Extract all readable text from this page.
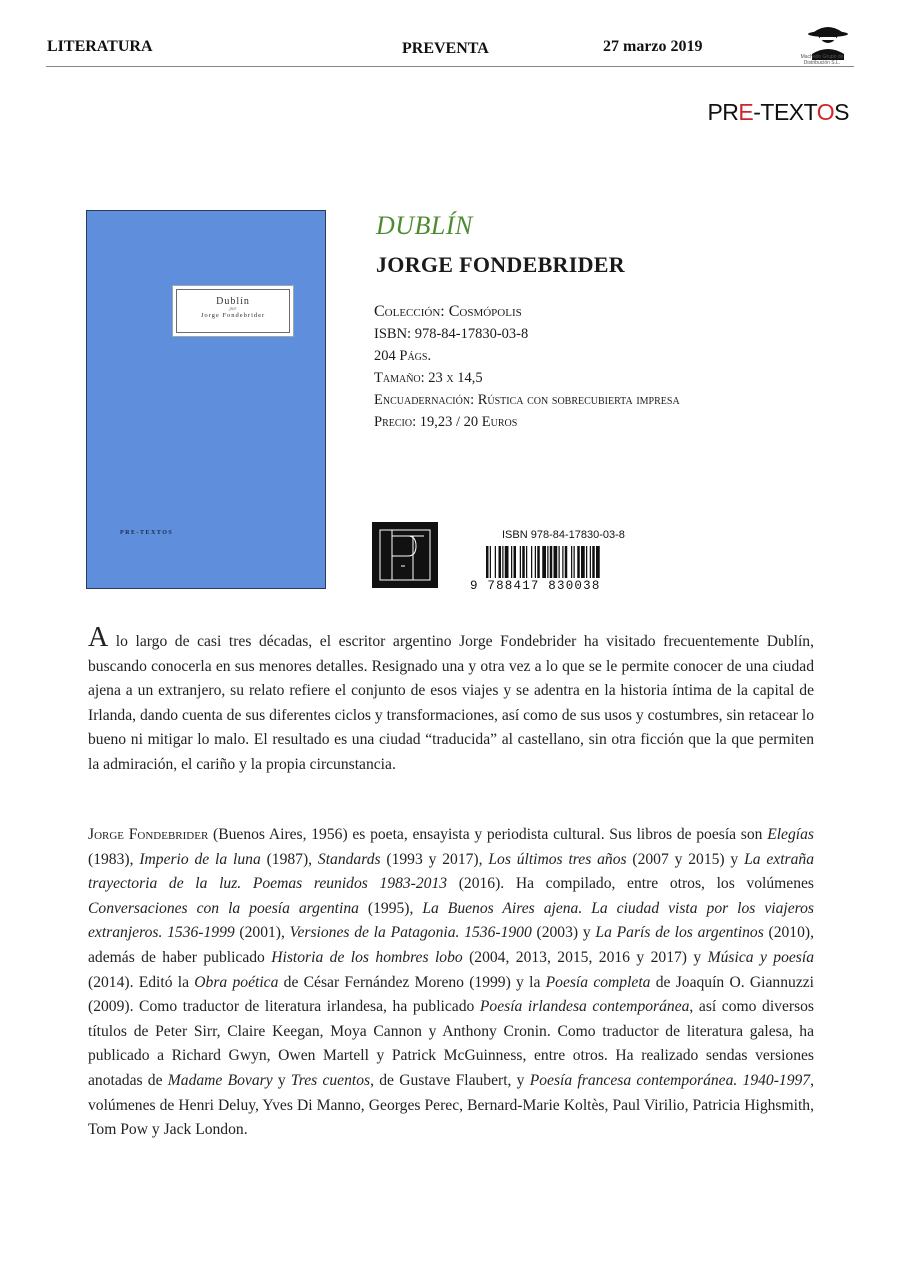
LITERATURA	PREVENTA	27 marzo 2019
Machado Grupo de Distribución S.L.
PRE-TEXTOS
Dublín
por
Jorge Fondebrider
PRE-TEXTOS
DUBLÍN
JORGE FONDEBRIDER
Colección: Cosmópolis
ISBN: 978-84-17830-03-8
204 Págs.
Tamaño: 23 x 14,5
Encuadernación: Rústica con sobrecubierta impresa
Precio: 19,23 / 20 Euros
ISBN 978-84-17830-03-8
9 788417 830038
A lo largo de casi tres décadas, el escritor argentino Jorge Fondebrider ha visitado frecuentemente Dublín, buscando conocerla en sus menores detalles. Resignado una y otra vez a lo que se le permite conocer de una ciudad ajena a un extranjero, su relato refiere el conjunto de esos viajes y se adentra en la historia íntima de la capital de Irlanda, dando cuenta de sus diferentes ciclos y transformaciones, así como de sus usos y costumbres, sin retacear lo bueno ni mitigar lo malo. El resultado es una ciudad “traducida” al castellano, sin otra ficción que la que permiten la admiración, el cariño y la propia circunstancia.
Jorge Fondebrider (Buenos Aires, 1956) es poeta, ensayista y periodista cultural. Sus libros de poesía son Elegías (1983), Imperio de la luna (1987), Standards (1993 y 2017), Los últimos tres años (2007 y 2015) y La extraña trayectoria de la luz. Poemas reunidos 1983-2013 (2016). Ha compilado, entre otros, los volúmenes Conversaciones con la poesía argentina (1995), La Buenos Aires ajena. La ciudad vista por los viajeros extranjeros. 1536-1999 (2001), Versiones de la Patagonia. 1536-1900 (2003) y La París de los argentinos (2010), además de haber publicado Historia de los hombres lobo (2004, 2013, 2015, 2016 y 2017) y Música y poesía (2014). Editó la Obra poética de César Fernández Moreno (1999) y la Poesía completa de Joaquín O. Giannuzzi (2009). Como traductor de literatura irlandesa, ha publicado Poesía irlandesa contemporánea, así como diversos títulos de Peter Sirr, Claire Keegan, Moya Cannon y Anthony Cronin. Como traductor de literatura galesa, ha publicado a Richard Gwyn, Owen Martell y Patrick McGuinness, entre otros. Ha realizado sendas versiones anotadas de Madame Bovary y Tres cuentos, de Gustave Flaubert, y Poesía francesa contemporánea. 1940-1997, volúmenes de Henri Deluy, Yves Di Manno, Georges Perec, Bernard-Marie Koltès, Paul Virilio, Patricia Highsmith, Tom Pow y Jack London.
